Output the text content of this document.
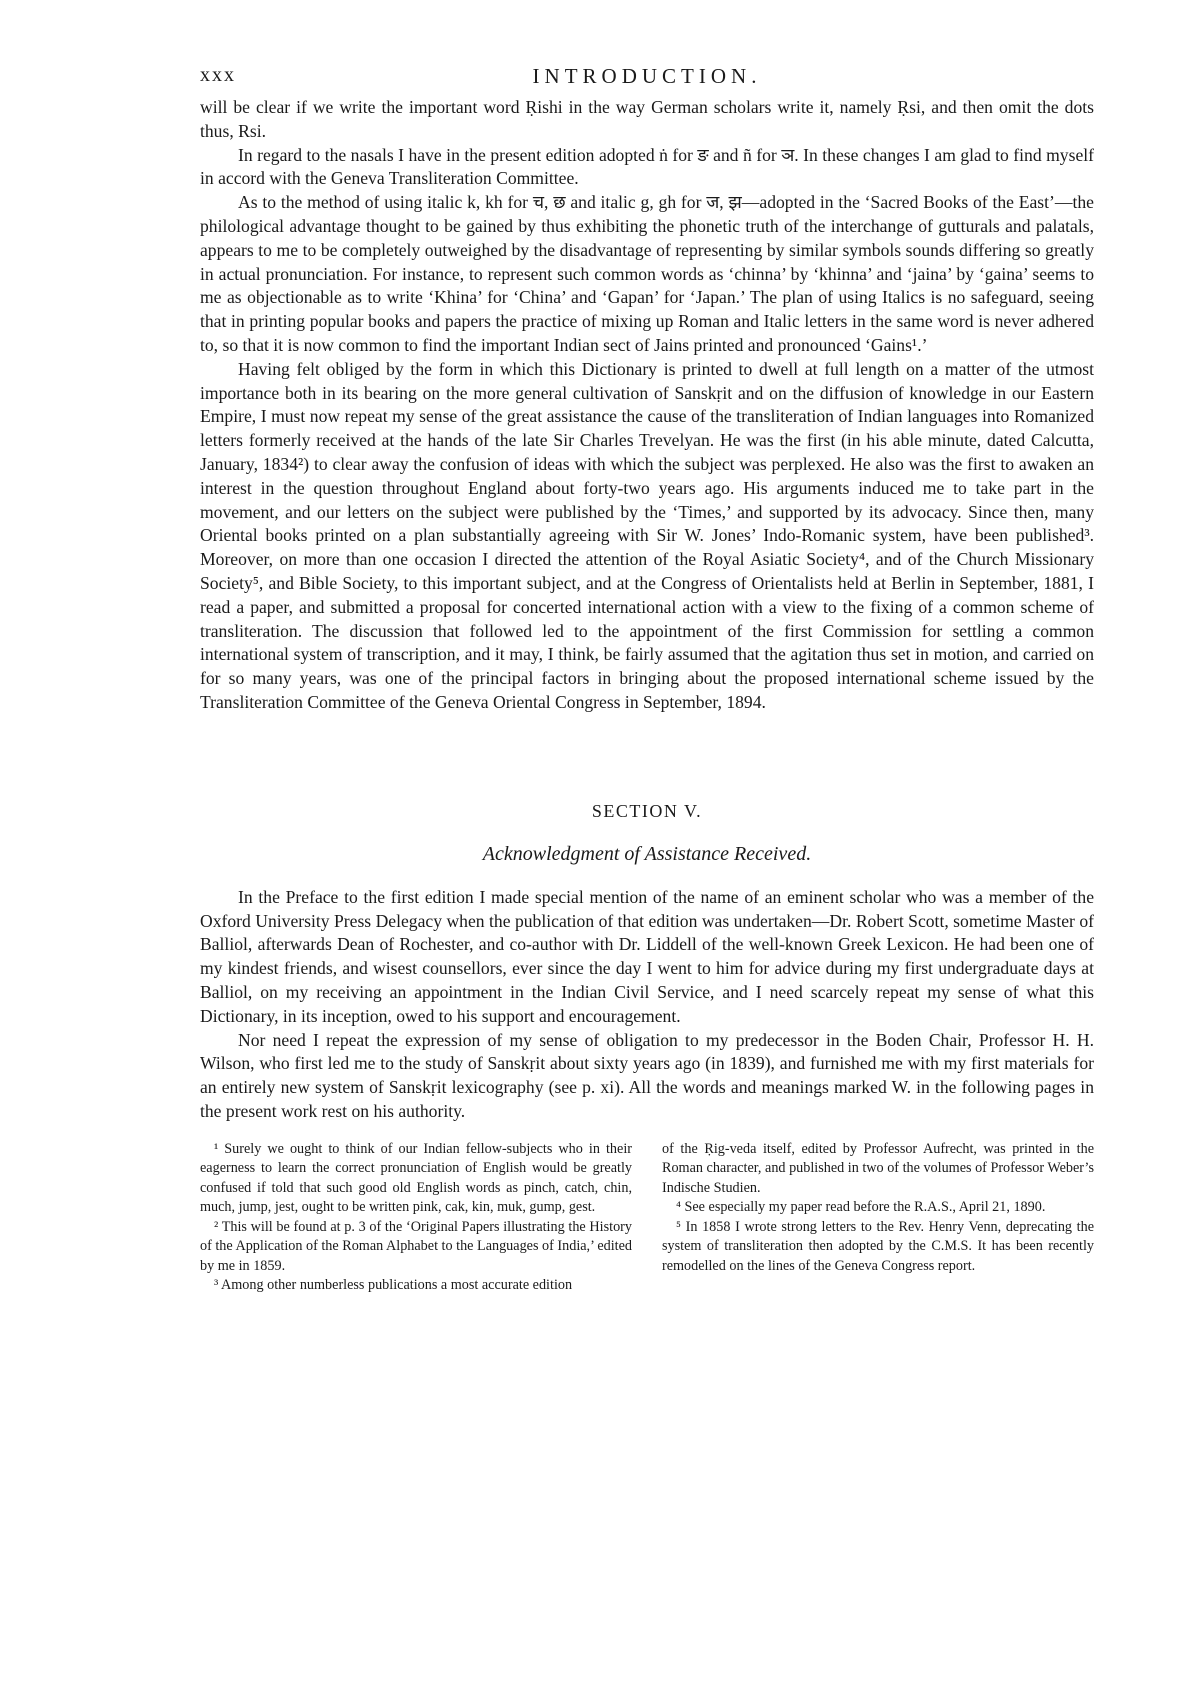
xxx	INTRODUCTION.

will be clear if we write the important word Ṛishi in the way German scholars write it, namely Ṛsi, and then omit the dots thus, Rsi.

In regard to the nasals I have in the present edition adopted ṅ for ङ and ñ for ञ. In these changes I am glad to find myself in accord with the Geneva Transliteration Committee.

As to the method of using italic k, kh for च, छ and italic g, gh for ज, झ—adopted in the ‘Sacred Books of the East’—the philological advantage thought to be gained by thus exhibiting the phonetic truth of the interchange of gutturals and palatals, appears to me to be completely outweighed by the disadvantage of representing by similar symbols sounds differing so greatly in actual pronunciation. For instance, to represent such common words as ‘chinna’ by ‘khinna’ and ‘jaina’ by ‘gaina’ seems to me as objectionable as to write ‘Khina’ for ‘China’ and ‘Gapan’ for ‘Japan.’ The plan of using Italics is no safeguard, seeing that in printing popular books and papers the practice of mixing up Roman and Italic letters in the same word is never adhered to, so that it is now common to find the important Indian sect of Jains printed and pronounced ‘Gains¹.’

Having felt obliged by the form in which this Dictionary is printed to dwell at full length on a matter of the utmost importance both in its bearing on the more general cultivation of Sanskṛit and on the diffusion of knowledge in our Eastern Empire, I must now repeat my sense of the great assistance the cause of the transliteration of Indian languages into Romanized letters formerly received at the hands of the late Sir Charles Trevelyan. He was the first (in his able minute, dated Calcutta, January, 1834²) to clear away the confusion of ideas with which the subject was perplexed. He also was the first to awaken an interest in the question throughout England about forty-two years ago. His arguments induced me to take part in the movement, and our letters on the subject were published by the ‘Times,’ and supported by its advocacy. Since then, many Oriental books printed on a plan substantially agreeing with Sir W. Jones’ Indo-Romanic system, have been published³. Moreover, on more than one occasion I directed the attention of the Royal Asiatic Society⁴, and of the Church Missionary Society⁵, and Bible Society, to this important subject, and at the Congress of Orientalists held at Berlin in September, 1881, I read a paper, and submitted a proposal for concerted international action with a view to the fixing of a common scheme of transliteration. The discussion that followed led to the appointment of the first Commission for settling a common international system of transcription, and it may, I think, be fairly assumed that the agitation thus set in motion, and carried on for so many years, was one of the principal factors in bringing about the proposed international scheme issued by the Transliteration Committee of the Geneva Oriental Congress in September, 1894.

SECTION V.
Acknowledgment of Assistance Received.

In the Preface to the first edition I made special mention of the name of an eminent scholar who was a member of the Oxford University Press Delegacy when the publication of that edition was undertaken—Dr. Robert Scott, sometime Master of Balliol, afterwards Dean of Rochester, and co-author with Dr. Liddell of the well-known Greek Lexicon. He had been one of my kindest friends, and wisest counsellors, ever since the day I went to him for advice during my first undergraduate days at Balliol, on my receiving an appointment in the Indian Civil Service, and I need scarcely repeat my sense of what this Dictionary, in its inception, owed to his support and encouragement.

Nor need I repeat the expression of my sense of obligation to my predecessor in the Boden Chair, Professor H. H. Wilson, who first led me to the study of Sanskṛit about sixty years ago (in 1839), and furnished me with my first materials for an entirely new system of Sanskṛit lexicography (see p. xi). All the words and meanings marked W. in the following pages in the present work rest on his authority.

¹ Surely we ought to think of our Indian fellow-subjects who in their eagerness to learn the correct pronunciation of English would be greatly confused if told that such good old English words as pinch, catch, chin, much, jump, jest, ought to be written pink, cak, kin, muk, gump, gest.

² This will be found at p. 3 of the ‘Original Papers illustrating the History of the Application of the Roman Alphabet to the Languages of India,’ edited by me in 1859.

³ Among other numberless publications a most accurate edition

of the Ṛig-veda itself, edited by Professor Aufrecht, was printed in the Roman character, and published in two of the volumes of Professor Weber’s Indische Studien.

⁴ See especially my paper read before the R.A.S., April 21, 1890.

⁵ In 1858 I wrote strong letters to the Rev. Henry Venn, deprecating the system of transliteration then adopted by the C.M.S. It has been recently remodelled on the lines of the Geneva Congress report.
